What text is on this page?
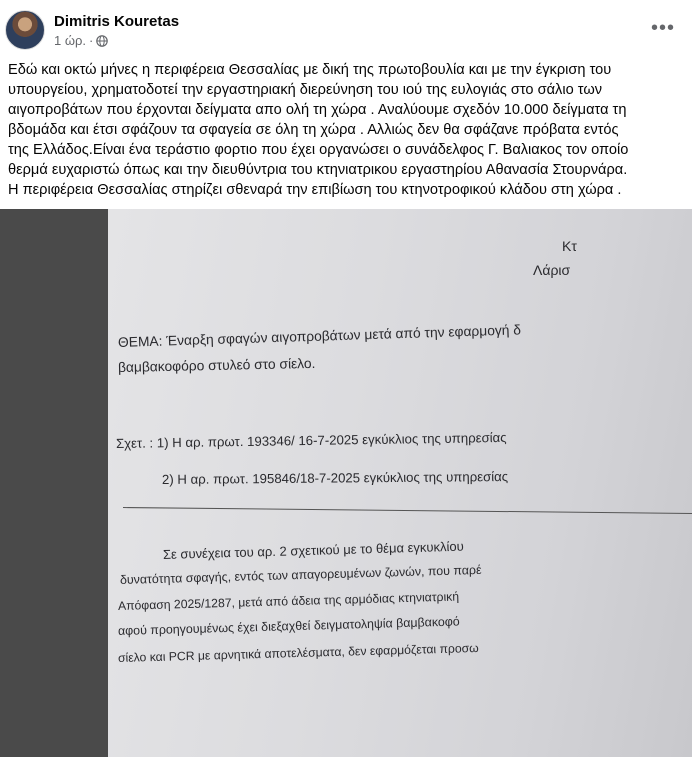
Dimitris Kouretas
1 ώρ. ·
•••
Εδώ και οκτώ μήνες η περιφέρεια Θεσσαλίας με δική της πρωτοβουλία και με την έγκριση του
υπουργείου, χρηματοδοτεί την εργαστηριακή διερεύνηση του ιού της ευλογιάς στο σάλιο των
αιγοπροβάτων που έρχονται δείγματα απο ολή τη χώρα . Αναλύουμε σχεδόν 10.000 δείγματα τη
βδομάδα και έτσι σφάζουν τα σφαγεία σε όλη τη χώρα . Αλλιώς δεν θα σφάζανε πρόβατα εντός
της Ελλάδος.Είναι ένα τεράστιο φορτιο που έχει οργανώσει ο συνάδελφος Γ. Βαλιακος τον οποίο
θερμά ευχαριστώ όπως και την διευθύντρια του κτηνιατρικου εργαστηρίου Αθανασία Στουρνάρα.
Η περιφέρεια Θεσσαλίας στηρίζει σθεναρά την επιβίωση του κτηνοτροφικού κλάδου στη χώρα .
Κτ
Λάρισ
ΘΕΜΑ: Έναρξη σφαγών αιγοπροβάτων μετά από την εφαρμογή δ
βαμβακοφόρο στυλεό στο σίελο.
Σχετ. : 1) Η αρ. πρωτ. 193346/ 16-7-2025 εγκύκλιος της υπηρεσίας
2) Η αρ. πρωτ. 195846/18-7-2025 εγκύκλιος της υπηρεσίας
Σε συνέχεια του αρ. 2 σχετικού με το θέμα εγκυκλίου
δυνατότητα σφαγής, εντός των απαγορευμένων ζωνών, που παρέ
Απόφαση 2025/1287, μετά από άδεια της αρμόδιας κτηνιατρική
αφού προηγουμένως έχει διεξαχθεί δειγματοληψία βαμβακοφό
σίελο και PCR με αρνητικά αποτελέσματα, δεν εφαρμόζεται προσω
